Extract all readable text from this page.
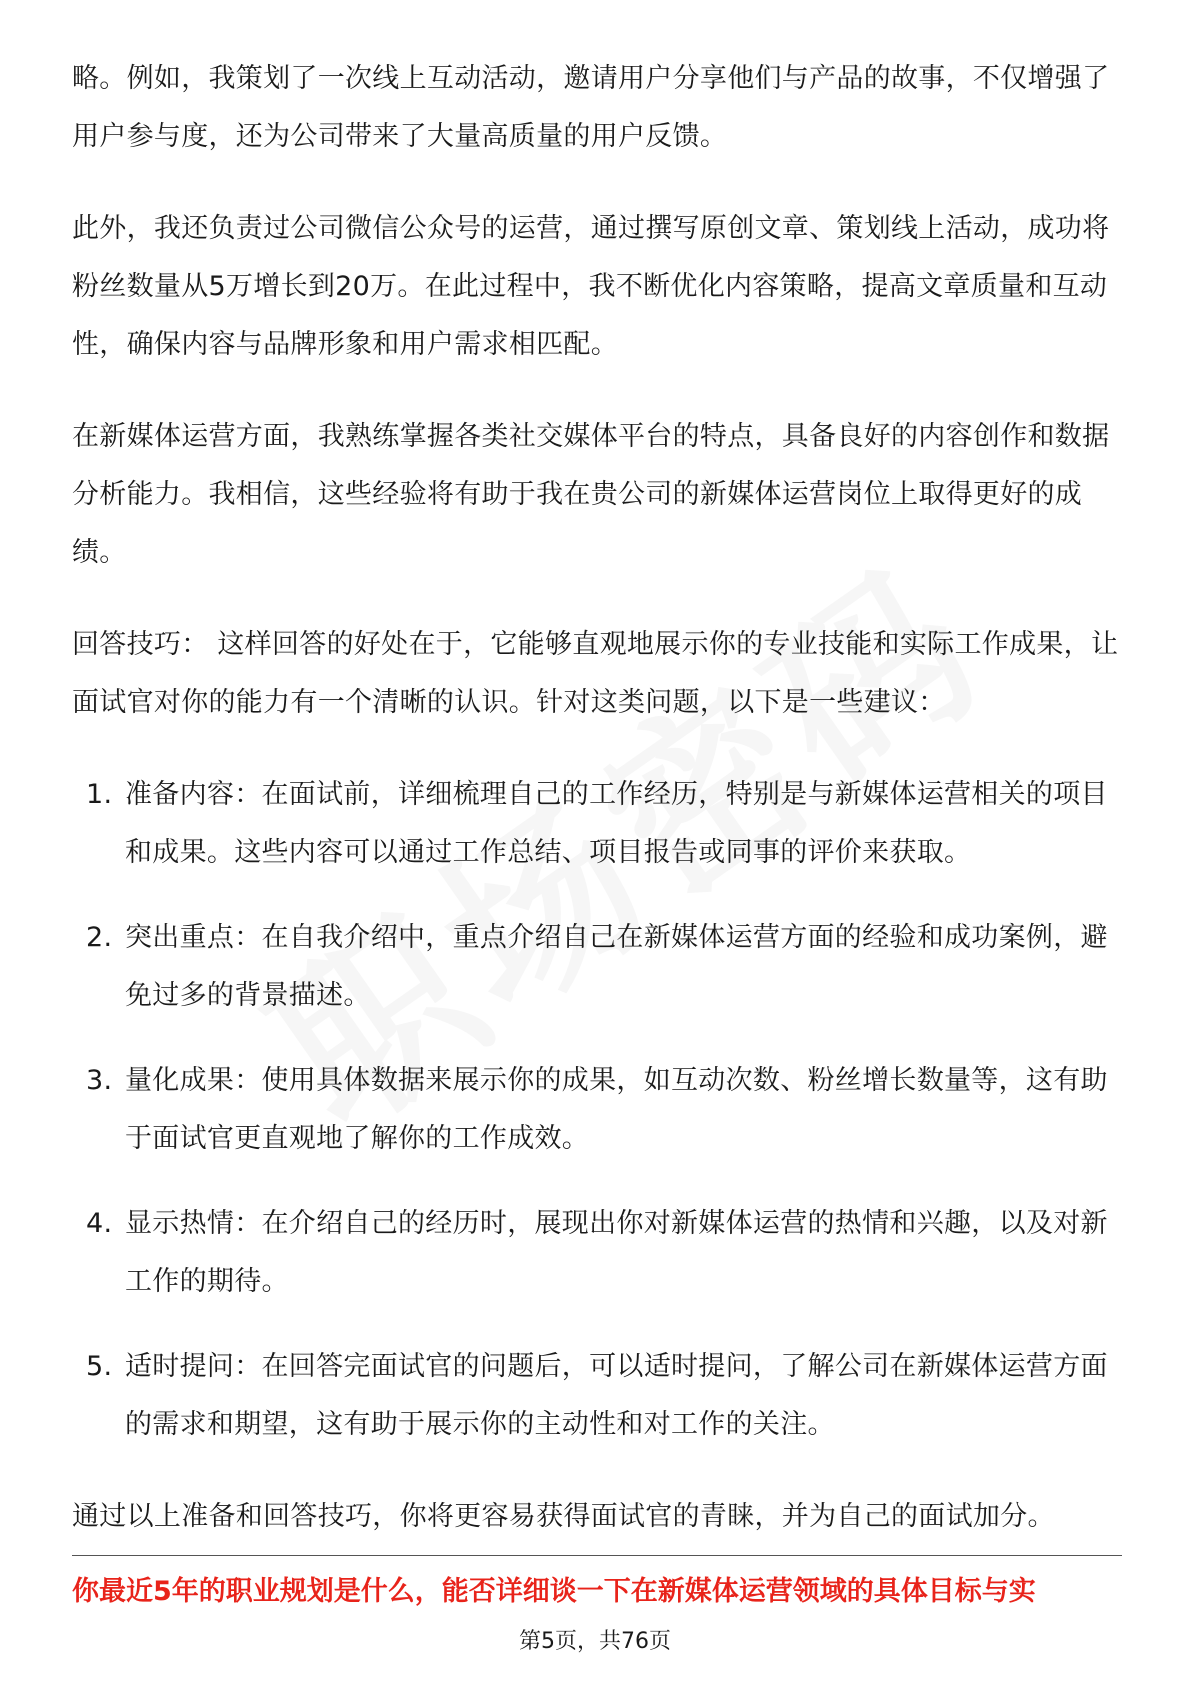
略。例如，我策划了一次线上互动活动，邀请用户分享他们与产品的故事，不仅增强了用户参与度，还为公司带来了大量高质量的用户反馈。

此外，我还负责过公司微信公众号的运营，通过撰写原创文章、策划线上活动，成功将粉丝数量从5万增长到20万。在此过程中，我不断优化内容策略，提高文章质量和互动性，确保内容与品牌形象和用户需求相匹配。

在新媒体运营方面，我熟练掌握各类社交媒体平台的特点，具备良好的内容创作和数据分析能力。我相信，这些经验将有助于我在贵公司的新媒体运营岗位上取得更好的成绩。

回答技巧： 这样回答的好处在于，它能够直观地展示你的专业技能和实际工作成果，让面试官对你的能力有一个清晰的认识。针对这类问题，以下是一些建议：

1. 准备内容：在面试前，详细梳理自己的工作经历，特别是与新媒体运营相关的项目和成果。这些内容可以通过工作总结、项目报告或同事的评价来获取。
2. 突出重点：在自我介绍中，重点介绍自己在新媒体运营方面的经验和成功案例，避免过多的背景描述。
3. 量化成果：使用具体数据来展示你的成果，如互动次数、粉丝增长数量等，这有助于面试官更直观地了解你的工作成效。
4. 显示热情：在介绍自己的经历时，展现出你对新媒体运营的热情和兴趣，以及对新工作的期待。
5. 适时提问：在回答完面试官的问题后，可以适时提问，了解公司在新媒体运营方面的需求和期望，这有助于展示你的主动性和对工作的关注。

通过以上准备和回答技巧，你将更容易获得面试官的青睐，并为自己的面试加分。

你最近5年的职业规划是什么，能否详细谈一下在新媒体运营领域的具体目标与实
第5页，共76页
